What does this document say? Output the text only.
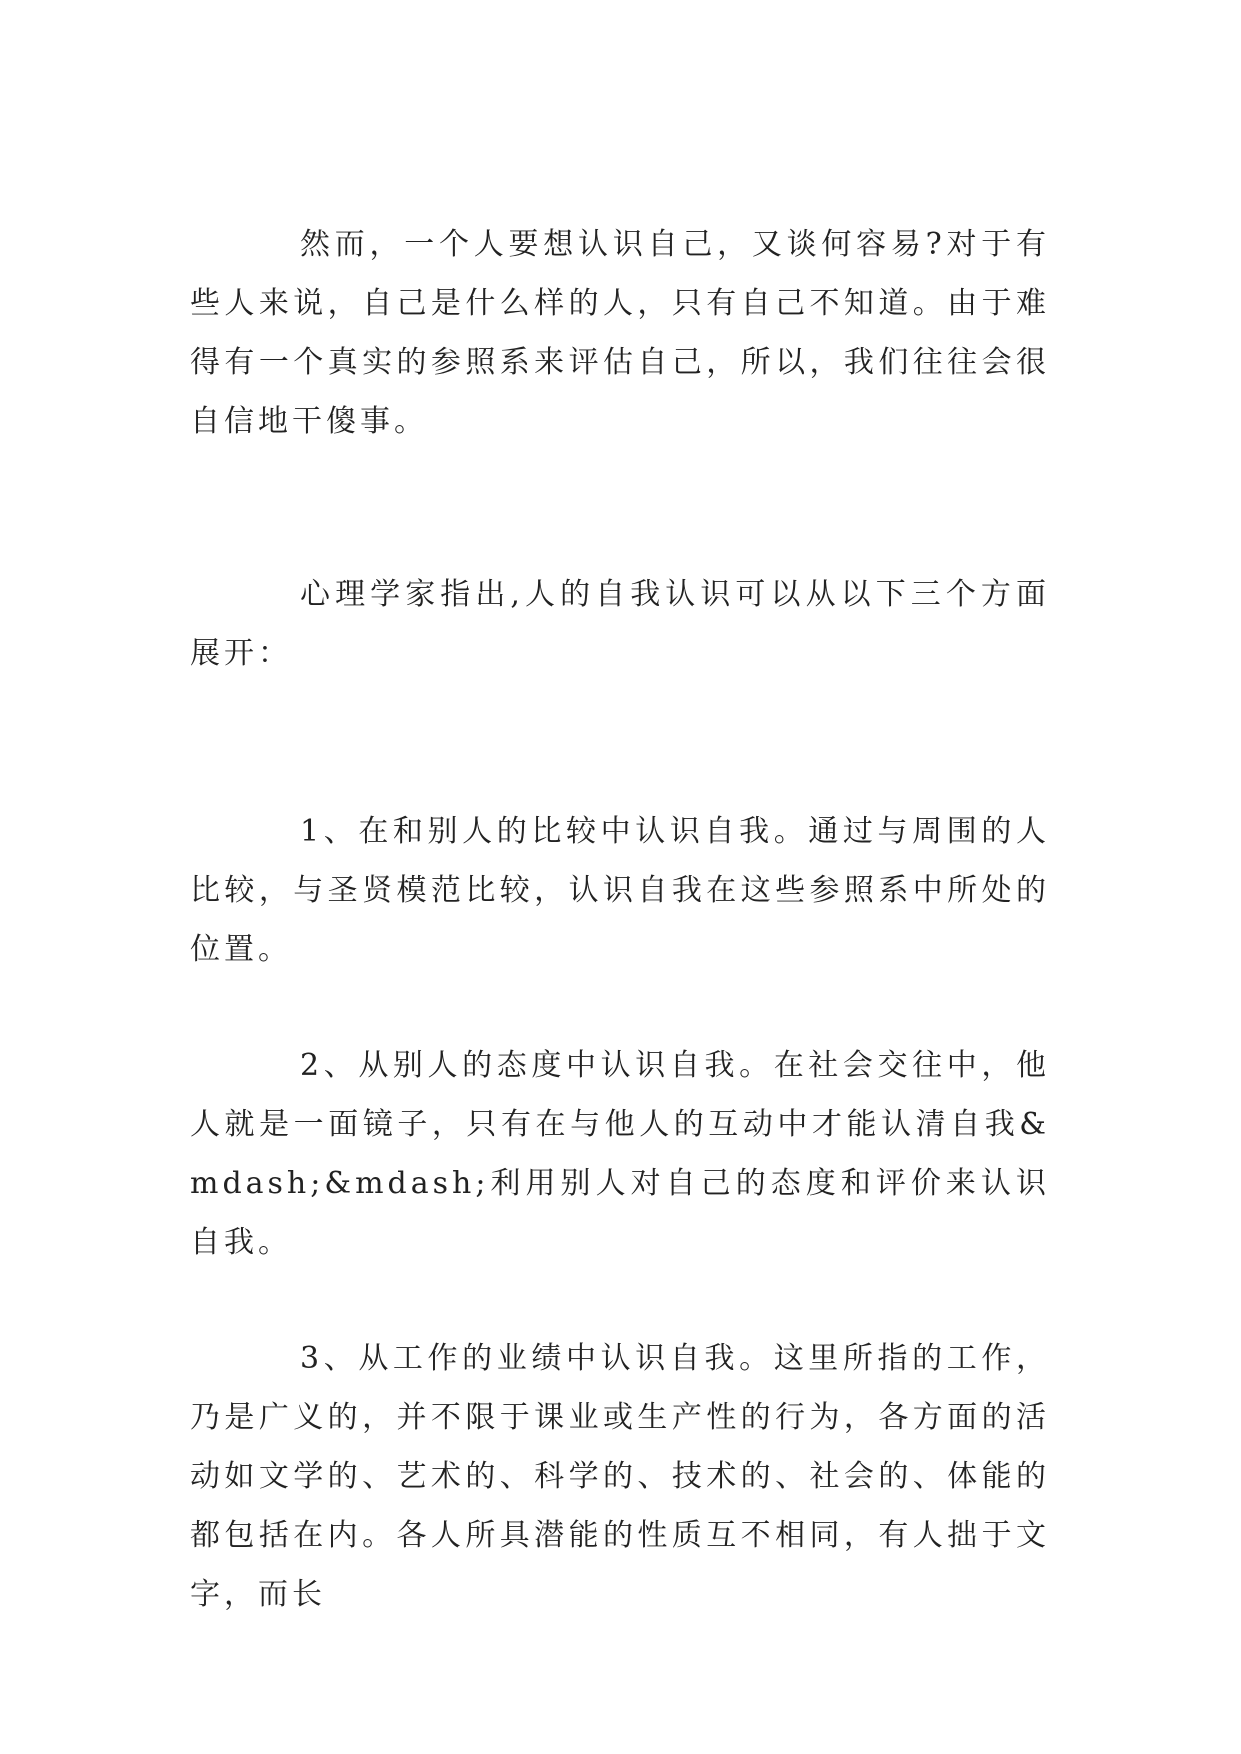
然而，一个人要想认识自己，又谈何容易?对于有些人来说，自己是什么样的人，只有自己不知道。由于难得有一个真实的参照系来评估自己，所以，我们往往会很自信地干傻事。

心理学家指出,人的自我认识可以从以下三个方面展开：

1、在和别人的比较中认识自我。通过与周围的人比较，与圣贤模范比较，认识自我在这些参照系中所处的位置。

2、从别人的态度中认识自我。在社会交往中，他人就是一面镜子，只有在与他人的互动中才能认清自我&mdash;&mdash;利用别人对自己的态度和评价来认识自我。

3、从工作的业绩中认识自我。这里所指的工作，乃是广义的，并不限于课业或生产性的行为，各方面的活动如文学的、艺术的、科学的、技术的、社会的、体能的都包括在内。各人所具潜能的性质互不相同，有人拙于文字，而长
